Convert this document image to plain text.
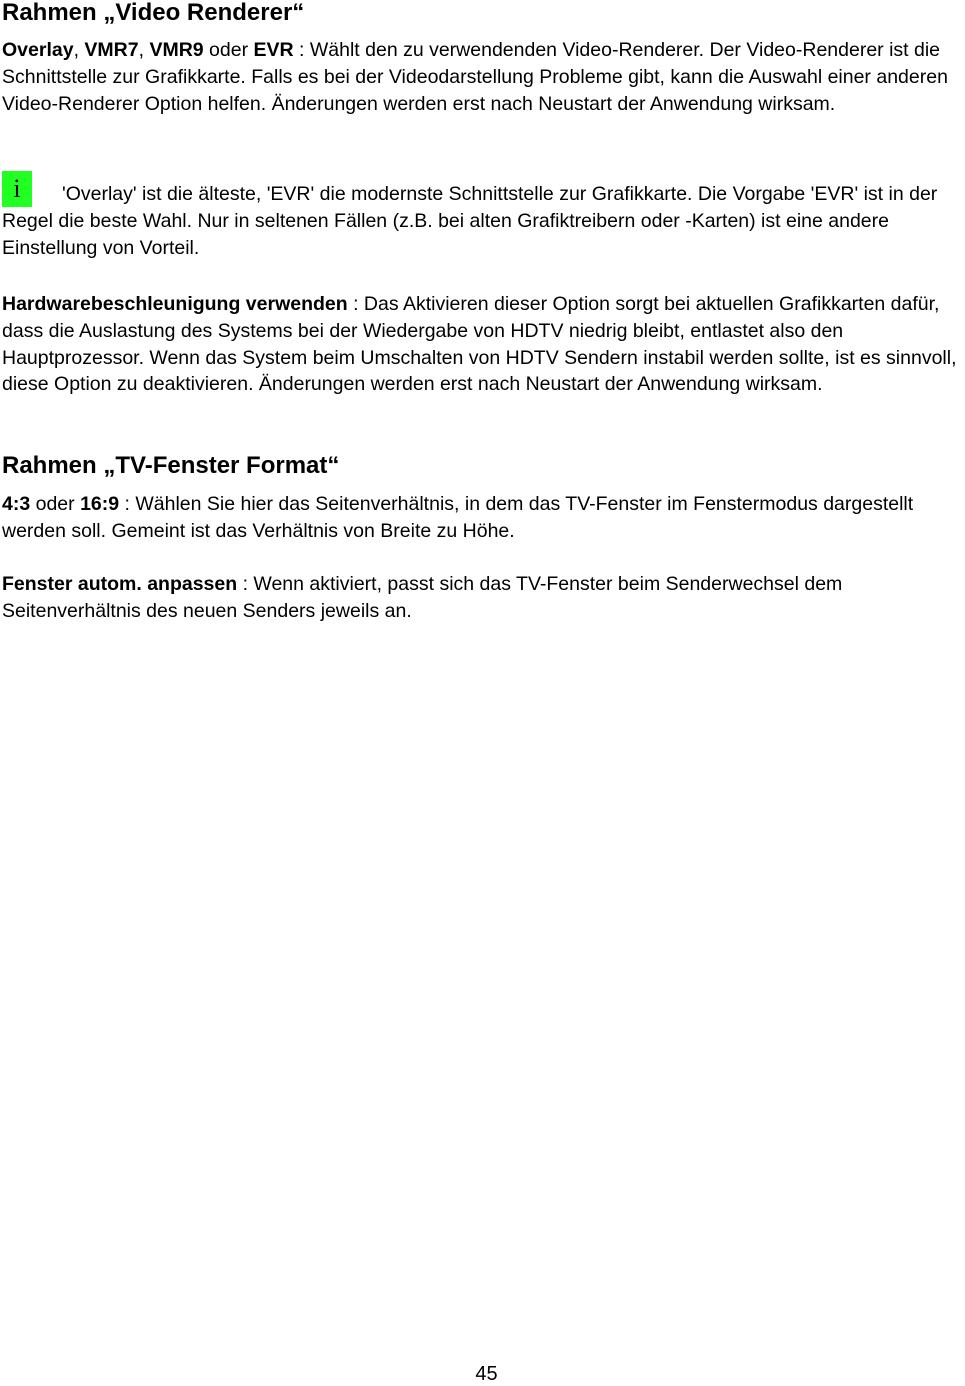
Rahmen „Video Renderer“

Overlay, VMR7, VMR9 oder EVR : Wählt den zu verwendenden Video-Renderer. Der Video-Renderer ist die Schnittstelle zur Grafikkarte. Falls es bei der Videodarstellung Probleme gibt, kann die Auswahl einer anderen Video-Renderer Option helfen. Änderungen werden erst nach Neustart der Anwendung wirksam.

i	'Overlay' ist die älteste, 'EVR' die modernste Schnittstelle zur Grafikkarte. Die Vorgabe 'EVR' ist in der Regel die beste Wahl. Nur in seltenen Fällen (z.B. bei alten Grafiktreibern oder -Karten) ist eine andere Einstellung von Vorteil.

Hardwarebeschleunigung verwenden : Das Aktivieren dieser Option sorgt bei aktuellen Grafikkarten dafür, dass die Auslastung des Systems bei der Wiedergabe von HDTV niedrig bleibt, entlastet also den Hauptprozessor. Wenn das System beim Umschalten von HDTV Sendern instabil werden sollte, ist es sinnvoll, diese Option zu deaktivieren. Änderungen werden erst nach Neustart der Anwendung wirksam.

Rahmen „TV-Fenster Format“

4:3 oder 16:9 : Wählen Sie hier das Seitenverhältnis, in dem das TV-Fenster im Fenstermodus dargestellt werden soll. Gemeint ist das Verhältnis von Breite zu Höhe.

Fenster autom. anpassen : Wenn aktiviert, passt sich das TV-Fenster beim Senderwechsel dem Seitenverhältnis des neuen Senders jeweils an.

45
